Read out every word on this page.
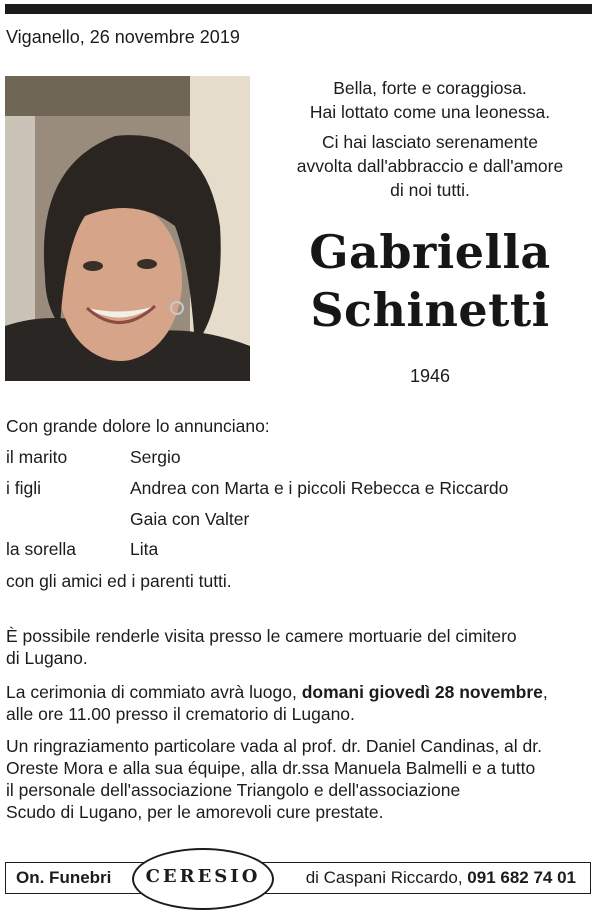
Viganello, 26 novembre 2019
Bella, forte e coraggiosa.
Hai lottato come una leonessa.
Ci hai lasciato serenamente
avvolta dall'abbraccio e dall'amore
di noi tutti.
Gabriella
Schinetti
1946
Con grande dolore lo annunciano:
il marito	Sergio
i figli	Andrea con Marta e i piccoli Rebecca e Riccardo
Gaia con Valter
la sorella	Lita
con gli amici ed i parenti tutti.
È possibile renderle visita presso le camere mortuarie del cimitero
di Lugano.
La cerimonia di commiato avrà luogo, domani giovedì 28 novembre,
alle ore 11.00 presso il crematorio di Lugano.
Un ringraziamento particolare vada al prof. dr. Daniel Candinas, al dr.
Oreste Mora e alla sua équipe, alla dr.ssa Manuela Balmelli e a tutto
il personale dell'associazione Triangolo e dell'associazione
Scudo di Lugano, per le amorevoli cure prestate.
On. Funebri	di Caspani Riccardo, 091 682 74 01
CERESIO
